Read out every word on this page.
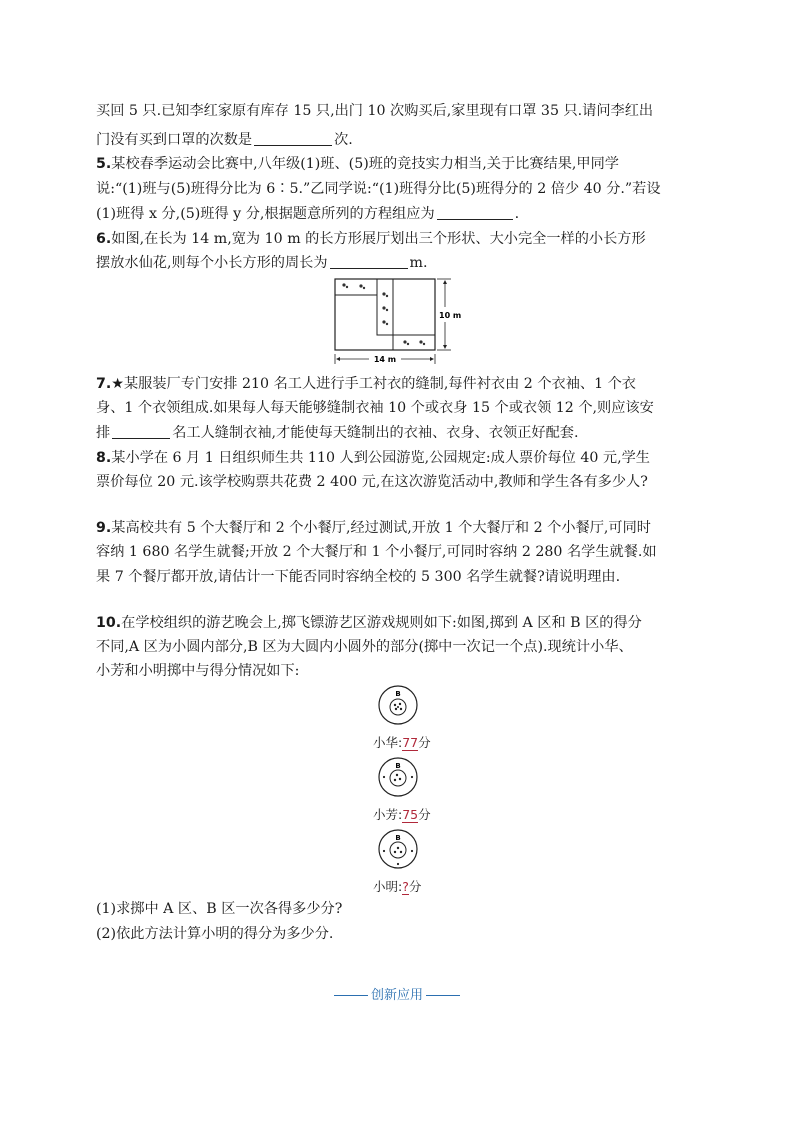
买回 5 只.已知李红家原有库存 15 只,出门 10 次购买后,家里现有口罩 35 只.请问李红出
门没有买到口罩的次数是	次.
5.某校春季运动会比赛中,八年级(1)班、(5)班的竞技实力相当,关于比赛结果,甲同学
说:“(1)班与(5)班得分比为 6∶5.”乙同学说:“(1)班得分比(5)班得分的 2 倍少 40 分.”若设
(1)班得 x 分,(5)班得 y 分,根据题意所列的方程组应为	.
6.如图,在长为 14 m,宽为 10 m 的长方形展厅划出三个形状、大小完全一样的小长方形
摆放水仙花,则每个小长方形的周长为	m.
14 m
10 m
7.★某服装厂专门安排 210 名工人进行手工衬衣的缝制,每件衬衣由 2 个衣袖、1 个衣
身、1 个衣领组成.如果每人每天能够缝制衣袖 10 个或衣身 15 个或衣领 12 个,则应该安
排	名工人缝制衣袖,才能使每天缝制出的衣袖、衣身、衣领正好配套.
8.某小学在 6 月 1 日组织师生共 110 人到公园游览,公园规定:成人票价每位 40 元,学生
票价每位 20 元.该学校购票共花费 2 400 元,在这次游览活动中,教师和学生各有多少人?
9.某高校共有 5 个大餐厅和 2 个小餐厅,经过测试,开放 1 个大餐厅和 2 个小餐厅,可同时
容纳 1 680 名学生就餐;开放 2 个大餐厅和 1 个小餐厅,可同时容纳 2 280 名学生就餐.如
果 7 个餐厅都开放,请估计一下能否同时容纳全校的 5 300 名学生就餐?请说明理由.
10.在学校组织的游艺晚会上,掷飞镖游艺区游戏规则如下:如图,掷到 A 区和 B 区的得分
不同,A 区为小圆内部分,B 区为大圆内小圆外的部分(掷中一次记一个点).现统计小华、
小芳和小明掷中与得分情况如下:
B
小华:77分
B
小芳:75分
B
小明:?分
(1)求掷中 A 区、B 区一次各得多少分?
(2)依此方法计算小明的得分为多少分.
创新应用
